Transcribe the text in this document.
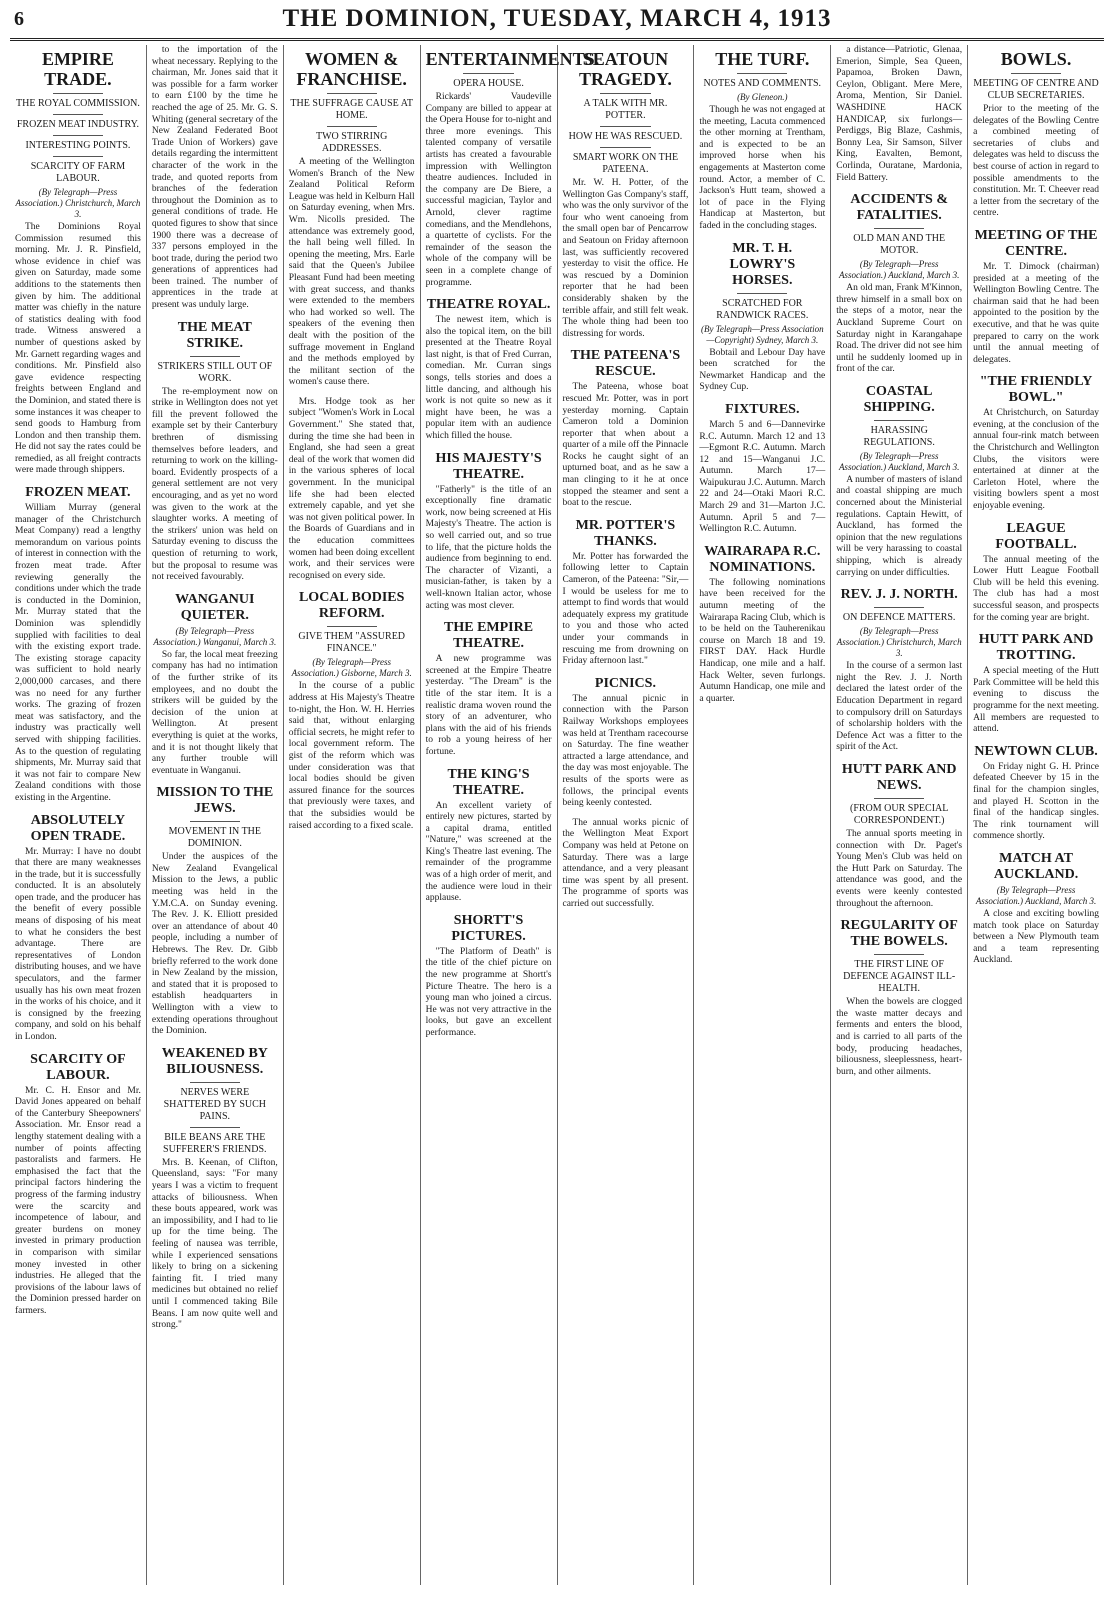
6	THE DOMINION, TUESDAY, MARCH 4, 1913
EMPIRE TRADE.
THE ROYAL COMMISSION.
FROZEN MEAT INDUSTRY.
INTERESTING POINTS.
SCARCITY OF FARM LABOUR.
(By Telegraph—Press Association.) Christchurch, March 3.

The Dominions Royal Commission resumed this morning. Mr. J. R. Pinsfield, whose evidence in chief was given on Saturday, made some additions to the statements then given by him. The additional matter was chiefly in the nature of statistics dealing with food trade. Witness answered a number of questions asked by Mr. Garnett regarding wages and conditions. Mr. Pinsfield also gave evidence respecting freights between England and the Dominion, and stated there is some instances it was cheaper to send goods to Hamburg from London and then tranship them. He did not say the rates could be remedied, as all freight contracts were made through shippers.

FROZEN MEAT.

William Murray (general manager of the Christchurch Meat Company) read a lengthy memorandum on various points of interest in connection with the frozen meat trade. After reviewing generally the conditions under which the trade is conducted in the Dominion, Mr. Murray stated that the Dominion was splendidly supplied with facilities to deal with the existing export trade. The existing storage capacity was sufficient to hold nearly 2,000,000 carcases, and there was no need for any further works. The grazing of frozen meat was satisfactory, and the industry was practically well served with shipping facilities. As to the question of regulating shipments, Mr. Murray said that it was not fair to compare New Zealand conditions with those existing in the Argentine.

ABSOLUTELY OPEN TRADE.

Mr. Murray: I have no doubt that there are many weaknesses in the trade, but it is successfully conducted. It is an absolutely open trade, and the producer has the benefit of every possible means of disposing of his meat to what he considers the best advantage. There are representatives of London distributing houses, and we have speculators, and the farmer usually has his own meat frozen in the works of his choice, and it is consigned by the freezing company, and sold on his behalf in London.

SCARCITY OF LABOUR.

Mr. C. H. Ensor and Mr. David Jones appeared on behalf of the Canterbury Sheepowners' Association. Mr. Ensor read a lengthy statement dealing with a number of points affecting pastoralists and farmers. He emphasised the fact that the principal factors hindering the progress of the farming industry were the scarcity and incompetence of labour, and greater burdens on money invested in primary production in comparison with similar money invested in other industries. He alleged that the provisions of the labour laws of the Dominion pressed harder on farmers.

to the importation of the wheat necessary. Replying to the chairman, Mr. Jones said that it was possible for a farm worker to earn £100 by the time he reached the age of 25. Mr. G. S. Whiting (general secretary of the New Zealand Federated Boot Trade Union of Workers) gave details regarding the intermittent character of the work in the trade, and quoted reports from branches of the federation throughout the Dominion as to general conditions of trade. He quoted figures to show that since 1900 there was a decrease of 337 persons employed in the boot trade, during the period two generations of apprentices had been trained. The number of apprentices in the trade at present was unduly large.

THE MEAT STRIKE.
STRIKERS STILL OUT OF WORK.

The re-employment now on strike in Wellington does not yet fill the prevent followed the example set by their Canterbury brethren of dismissing themselves before leaders, and returning to work on the killing-board. Evidently prospects of a general settlement are not very encouraging, and as yet no word was given to the work at the slaughter works. A meeting of the strikers' union was held on Saturday evening to discuss the question of returning to work, but the proposal to resume was not received favourably.

WANGANUI QUIETER.
(By Telegraph—Press Association.) Wanganui, March 3.

So far, the local meat freezing company has had no intimation of the further strike of its employees, and no doubt the strikers will be guided by the decision of the union at Wellington. At present everything is quiet at the works, and it is not thought likely that any further trouble will eventuate in Wanganui.

MISSION TO THE JEWS.
MOVEMENT IN THE DOMINION.

Under the auspices of the New Zealand Evangelical Mission to the Jews, a public meeting was held in the Y.M.C.A. on Sunday evening. The Rev. J. K. Elliott presided over an attendance of about 40 people, including a number of Hebrews. The Rev. Dr. Gibb briefly referred to the work done in New Zealand by the mission, and stated that it is proposed to establish headquarters in Wellington with a view to extending operations throughout the Dominion.

WEAKENED BY BILIOUSNESS.
NERVES WERE SHATTERED BY SUCH PAINS.
BILE BEANS ARE THE SUFFERER'S FRIENDS.

Mrs. B. Keenan, of Clifton, Queensland, says: "For many years I was a victim to frequent attacks of biliousness. When these bouts appeared, work was an impossibility, and I had to lie up for the time being. The feeling of nausea was terrible, while I experienced sensations likely to bring on a sickening fainting fit. I tried many medicines but obtained no relief until I commenced taking Bile Beans. I am now quite well and strong."

WOMEN & FRANCHISE.
THE SUFFRAGE CAUSE AT HOME.
TWO STIRRING ADDRESSES.

A meeting of the Wellington Women's Branch of the New Zealand Political Reform League was held in Kelburn Hall on Saturday evening, when Mrs. Wm. Nicolls presided. The attendance was extremely good, the hall being well filled. In opening the meeting, Mrs. Earle said that the Queen's Jubilee Pleasant Fund had been meeting with great success, and thanks were extended to the members who had worked so well. The speakers of the evening then dealt with the position of the suffrage movement in England and the methods employed by the militant section of the women's cause there.

Mrs. Hodge took as her subject "Women's Work in Local Government." She stated that, during the time she had been in England, she had seen a great deal of the work that women did in the various spheres of local government. In the municipal life she had been elected extremely capable, and yet she was not given political power. In the Boards of Guardians and in the education committees women had been doing excellent work, and their services were recognised on every side.

LOCAL BODIES REFORM.
GIVE THEM "ASSURED FINANCE."
(By Telegraph—Press Association.) Gisborne, March 3.

In the course of a public address at His Majesty's Theatre to-night, the Hon. W. H. Herries said that, without enlarging official secrets, he might refer to local government reform. The gist of the reform which was under consideration was that local bodies should be given assured finance for the sources that previously were taxes, and that the subsidies would be raised according to a fixed scale.

ENTERTAINMENTS.
OPERA HOUSE.

Rickards' Vaudeville Company are billed to appear at the Opera House for to-night and three more evenings. This talented company of versatile artists has created a favourable impression with Wellington theatre audiences. Included in the company are De Biere, a successful magician, Taylor and Arnold, clever ragtime comedians, and the Mendlehons, a quartette of cyclists. For the remainder of the season the whole of the company will be seen in a complete change of programme.

THEATRE ROYAL.

The newest item, which is also the topical item, on the bill presented at the Theatre Royal last night, is that of Fred Curran, comedian. Mr. Curran sings songs, tells stories and does a little dancing, and although his work is not quite so new as it might have been, he was a popular item with an audience which filled the house.

HIS MAJESTY'S THEATRE.

"Fatherly" is the title of an exceptionally fine dramatic work, now being screened at His Majesty's Theatre. The action is so well carried out, and so true to life, that the picture holds the audience from beginning to end. The character of Vizanti, a musician-father, is taken by a well-known Italian actor, whose acting was most clever.

THE EMPIRE THEATRE.

A new programme was screened at the Empire Theatre yesterday. "The Dream" is the title of the star item. It is a realistic drama woven round the story of an adventurer, who plans with the aid of his friends to rob a young heiress of her fortune.

THE KING'S THEATRE.

An excellent variety of entirely new pictures, started by a capital drama, entitled "Nature," was screened at the King's Theatre last evening. The remainder of the programme was of a high order of merit, and the audience were loud in their applause.

SHORTT'S PICTURES.

"The Platform of Death" is the title of the chief picture on the new programme at Shortt's Picture Theatre. The hero is a young man who joined a circus. He was not very attractive in the looks, but gave an excellent performance.

SEATOUN TRAGEDY.
A TALK WITH MR. POTTER.
HOW HE WAS RESCUED.
SMART WORK ON THE PATEENA.

Mr. W. H. Potter, of the Wellington Gas Company's staff, who was the only survivor of the four who went canoeing from the small open bar of Pencarrow and Seatoun on Friday afternoon last, was sufficiently recovered yesterday to visit the office. He was rescued by a Dominion reporter that he had been considerably shaken by the terrible affair, and still felt weak. The whole thing had been too distressing for words.

THE PATEENA'S RESCUE.

The Pateena, whose boat rescued Mr. Potter, was in port yesterday morning. Captain Cameron told a Dominion reporter that when about a quarter of a mile off the Pinnacle Rocks he caught sight of an upturned boat, and as he saw a man clinging to it he at once stopped the steamer and sent a boat to the rescue.

MR. POTTER'S THANKS.

Mr. Potter has forwarded the following letter to Captain Cameron, of the Pateena: "Sir,—I would be useless for me to attempt to find words that would adequately express my gratitude to you and those who acted under your commands in rescuing me from drowning on Friday afternoon last."

PICNICS.

The annual picnic in connection with the Parson Railway Workshops employees was held at Trentham racecourse on Saturday. The fine weather attracted a large attendance, and the day was most enjoyable. The results of the sports were as follows, the principal events being keenly contested.

The annual works picnic of the Wellington Meat Export Company was held at Petone on Saturday. There was a large attendance, and a very pleasant time was spent by all present. The programme of sports was carried out successfully.

THE TURF.
NOTES AND COMMENTS.
(By Gleneon.)

Though he was not engaged at the meeting, Lacuta commenced the other morning at Trentham, and is expected to be an improved horse when his engagements at Masterton come round. Actor, a member of C. Jackson's Hutt team, showed a lot of pace in the Flying Handicap at Masterton, but faded in the concluding stages.

MR. T. H. LOWRY'S HORSES.
SCRATCHED FOR RANDWICK RACES.
(By Telegraph—Press Association—Copyright) Sydney, March 3.

Bobtail and Lebour Day have been scratched for the Newmarket Handicap and the Sydney Cup.

FIXTURES.

March 5 and 6—Dannevirke R.C. Autumn. March 12 and 13—Egmont R.C. Autumn. March 12 and 15—Wanganui J.C. Autumn. March 17—Waipukurau J.C. Autumn. March 22 and 24—Otaki Maori R.C. March 29 and 31—Marton J.C. Autumn. April 5 and 7—Wellington R.C. Autumn.

WAIRARAPA R.C. NOMINATIONS.

The following nominations have been received for the autumn meeting of the Wairarapa Racing Club, which is to be held on the Tauherenikau course on March 18 and 19. FIRST DAY. Hack Hurdle Handicap, one mile and a half. Hack Welter, seven furlongs. Autumn Handicap, one mile and a quarter.

a distance—Patriotic, Glenaa, Emerion, Simple, Sea Queen, Papamoa, Broken Dawn, Ceylon, Obligant. Mere Mere, Aroma, Mention, Sir Daniel. WASHDINE HACK HANDICAP, six furlongs—Perdiggs, Big Blaze, Cashmis, Bonny Lea, Sir Samson, Silver King, Eavalten, Bemont, Corlinda, Ouratane, Mardonia, Field Battery.

ACCIDENTS & FATALITIES.
OLD MAN AND THE MOTOR.
(By Telegraph—Press Association.) Auckland, March 3.

An old man, Frank M'Kinnon, threw himself in a small box on the steps of a motor, near the Auckland Supreme Court on Saturday night in Karangahape Road. The driver did not see him until he suddenly loomed up in front of the car.

COASTAL SHIPPING.
HARASSING REGULATIONS.
(By Telegraph—Press Association.) Auckland, March 3.

A number of masters of island and coastal shipping are much concerned about the Ministerial regulations. Captain Hewitt, of Auckland, has formed the opinion that the new regulations will be very harassing to coastal shipping, which is already carrying on under difficulties.

REV. J. J. NORTH.
ON DEFENCE MATTERS.
(By Telegraph—Press Association.) Christchurch, March 3.

In the course of a sermon last night the Rev. J. J. North declared the latest order of the Education Department in regard to compulsory drill on Saturdays of scholarship holders with the Defence Act was a fitter to the spirit of the Act.

HUTT PARK AND NEWS.
(FROM OUR SPECIAL CORRESPONDENT.)

The annual sports meeting in connection with Dr. Paget's Young Men's Club was held on the Hutt Park on Saturday. The attendance was good, and the events were keenly contested throughout the afternoon.

REGULARITY OF THE BOWELS.
THE FIRST LINE OF DEFENCE AGAINST ILL-HEALTH.

When the bowels are clogged the waste matter decays and ferments and enters the blood, and is carried to all parts of the body, producing headaches, biliousness, sleeplessness, heart-burn, and other ailments.

BOWLS.
MEETING OF CENTRE AND CLUB SECRETARIES.

Prior to the meeting of the delegates of the Bowling Centre a combined meeting of secretaries of clubs and delegates was held to discuss the best course of action in regard to possible amendments to the constitution. Mr. T. Cheever read a letter from the secretary of the centre.

MEETING OF THE CENTRE.

Mr. T. Dimock (chairman) presided at a meeting of the Wellington Bowling Centre. The chairman said that he had been appointed to the position by the executive, and that he was quite prepared to carry on the work until the annual meeting of delegates.

"THE FRIENDLY BOWL."

At Christchurch, on Saturday evening, at the conclusion of the annual four-rink match between the Christchurch and Wellington Clubs, the visitors were entertained at dinner at the Carleton Hotel, where the visiting bowlers spent a most enjoyable evening.

LEAGUE FOOTBALL.

The annual meeting of the Lower Hutt League Football Club will be held this evening. The club has had a most successful season, and prospects for the coming year are bright.

HUTT PARK AND TROTTING.

A special meeting of the Hutt Park Committee will be held this evening to discuss the programme for the next meeting. All members are requested to attend.

NEWTOWN CLUB.

On Friday night G. H. Prince defeated Cheever by 15 in the final for the champion singles, and played H. Scotton in the final of the handicap singles. The rink tournament will commence shortly.

MATCH AT AUCKLAND.
(By Telegraph—Press Association.) Auckland, March 3.

A close and exciting bowling match took place on Saturday between a New Plymouth team and a team representing Auckland.
